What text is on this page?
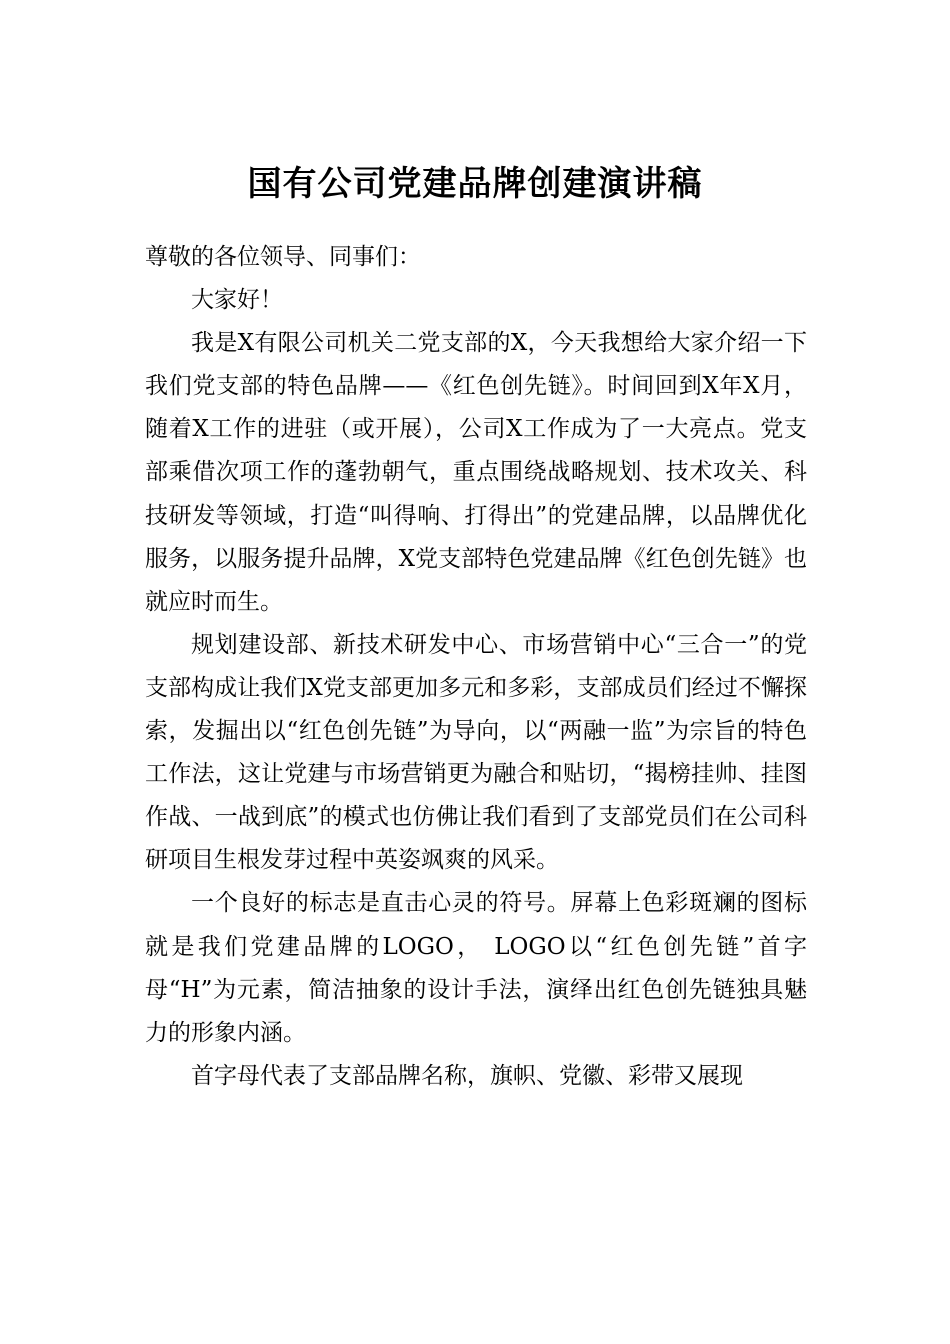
国有公司党建品牌创建演讲稿

尊敬的各位领导、同事们：

大家好！

我是X有限公司机关二党支部的X，今天我想给大家介绍一下我们党支部的特色品牌——《红色创先链》。时间回到X年X月，随着X工作的进驻（或开展），公司X工作成为了一大亮点。党支部乘借次项工作的蓬勃朝气，重点围绕战略规划、技术攻关、科技研发等领域，打造“叫得响、打得出”的党建品牌，以品牌优化服务，以服务提升品牌，X党支部特色党建品牌《红色创先链》也就应时而生。

规划建设部、新技术研发中心、市场营销中心“三合一”的党支部构成让我们X党支部更加多元和多彩，支部成员们经过不懈探索，发掘出以“红色创先链”为导向，以“两融一监”为宗旨的特色工作法，这让党建与市场营销更为融合和贴切，“揭榜挂帅、挂图作战、一战到底”的模式也仿佛让我们看到了支部党员们在公司科研项目生根发芽过程中英姿飒爽的风采。

一个良好的标志是直击心灵的符号。屏幕上色彩斑斓的图标就是我们党建品牌的LOGO， LOGO以“红色创先链”首字母“H”为元素，简洁抽象的设计手法，演绎出红色创先链独具魅力的形象内涵。

首字母代表了支部品牌名称，旗帜、党徽、彩带又展现
